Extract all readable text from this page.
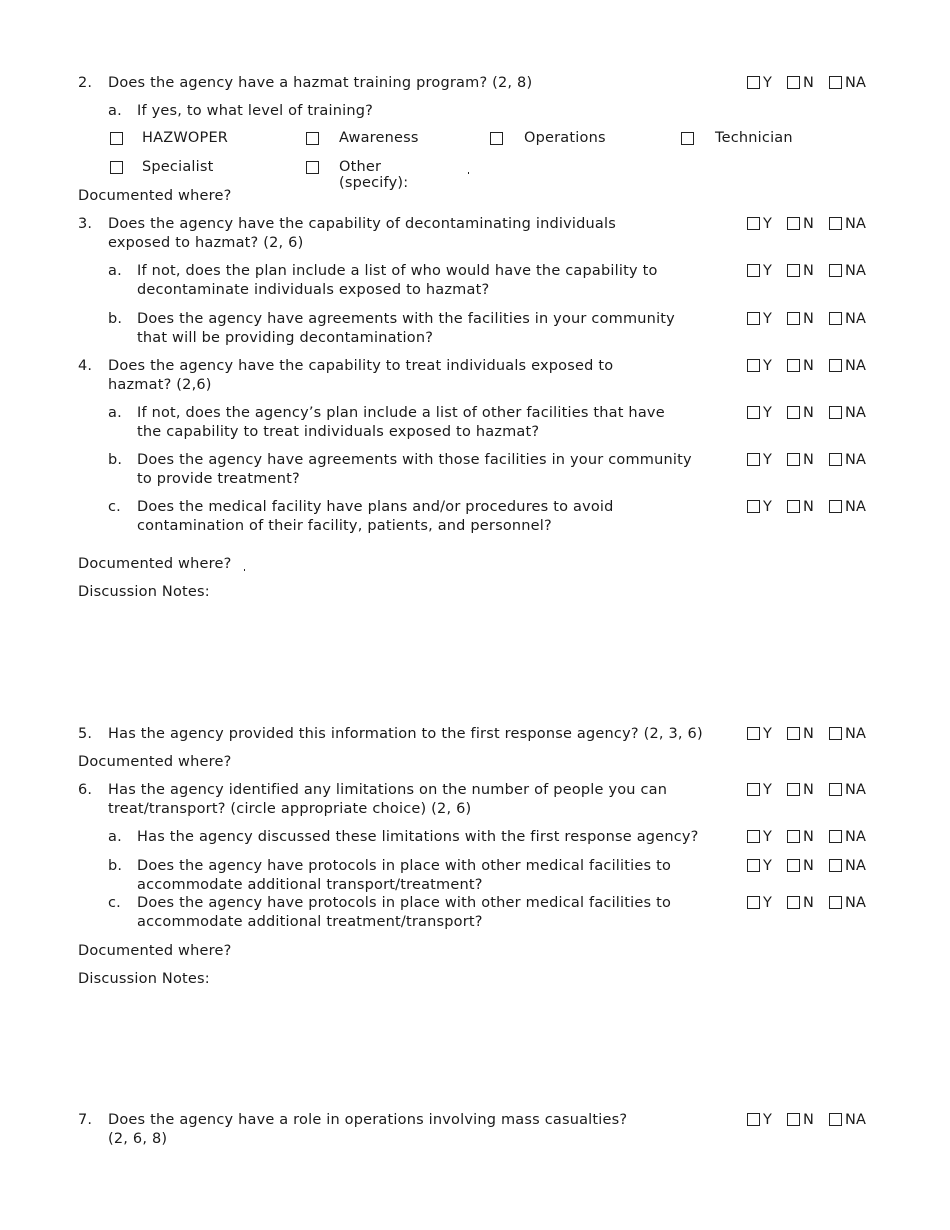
2. Does the agency have a hazmat training program? (2, 8)	Y N NA
a. If yes, to what level of training?
HAZWOPER	Awareness	Operations	Technician
Specialist	Other (specify):
Documented where?
3. Does the agency have the capability of decontaminating individuals
exposed to hazmat? (2, 6)
Y N NA
a. If not, does the plan include a list of who would have the capability to
decontaminate individuals exposed to hazmat?
Y N NA
b. Does the agency have agreements with the facilities in your community
that will be providing decontamination?
Y N NA
4. Does the agency have the capability to treat individuals exposed to
hazmat? (2,6)
Y N NA
a. If not, does the agency’s plan include a list of other facilities that have
the capability to treat individuals exposed to hazmat?
Y N NA
b. Does the agency have agreements with those facilities in your community
to provide treatment?
Y N NA
c. Does the medical facility have plans and/or procedures to avoid
contamination of their facility, patients, and personnel?
Y N NA
Documented where?
Discussion Notes:
5. Has the agency provided this information to the first response agency? (2, 3, 6)	Y N NA
Documented where?
6. Has the agency identified any limitations on the number of people you can
treat/transport? (circle appropriate choice) (2, 6)
Y N NA
a. Has the agency discussed these limitations with the first response agency?	Y N NA
b. Does the agency have protocols in place with other medical facilities to
accommodate additional transport/treatment?
Y N NA
c. Does the agency have protocols in place with other medical facilities to
accommodate additional treatment/transport?
Y N NA
Documented where?
Discussion Notes:
7. Does the agency have a role in operations involving mass casualties?
(2, 6, 8)
Y N NA
